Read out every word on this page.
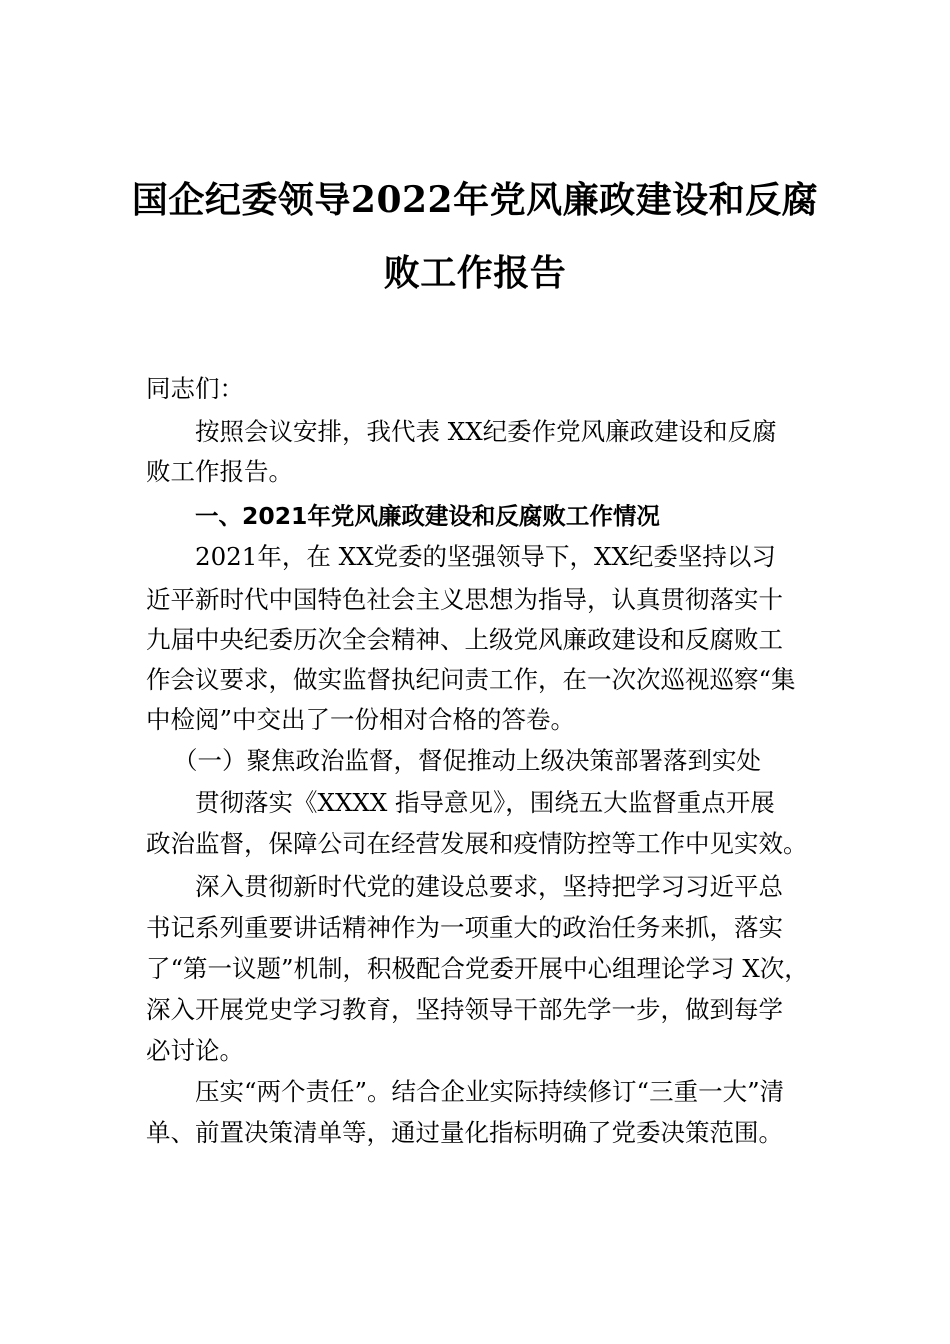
国企纪委领导2022年党风廉政建设和反腐
败工作报告
同志们：
按照会议安排，我代表 XX纪委作党风廉政建设和反腐
败工作报告。
一、2021年党风廉政建设和反腐败工作情况
2021年，在 XX党委的坚强领导下，XX纪委坚持以习
近平新时代中国特色社会主义思想为指导，认真贯彻落实十
九届中央纪委历次全会精神、上级党风廉政建设和反腐败工
作会议要求，做实监督执纪问责工作，在一次次巡视巡察“集
中检阅”中交出了一份相对合格的答卷。
（一）聚焦政治监督，督促推动上级决策部署落到实处
贯彻落实《XXXX 指导意见》，围绕五大监督重点开展
政治监督，保障公司在经营发展和疫情防控等工作中见实效。
深入贯彻新时代党的建设总要求，坚持把学习习近平总
书记系列重要讲话精神作为一项重大的政治任务来抓，落实
了“第一议题”机制，积极配合党委开展中心组理论学习 X次，
深入开展党史学习教育，坚持领导干部先学一步，做到每学
必讨论。
压实“两个责任”。结合企业实际持续修订“三重一大”清
单、前置决策清单等，通过量化指标明确了党委决策范围。
